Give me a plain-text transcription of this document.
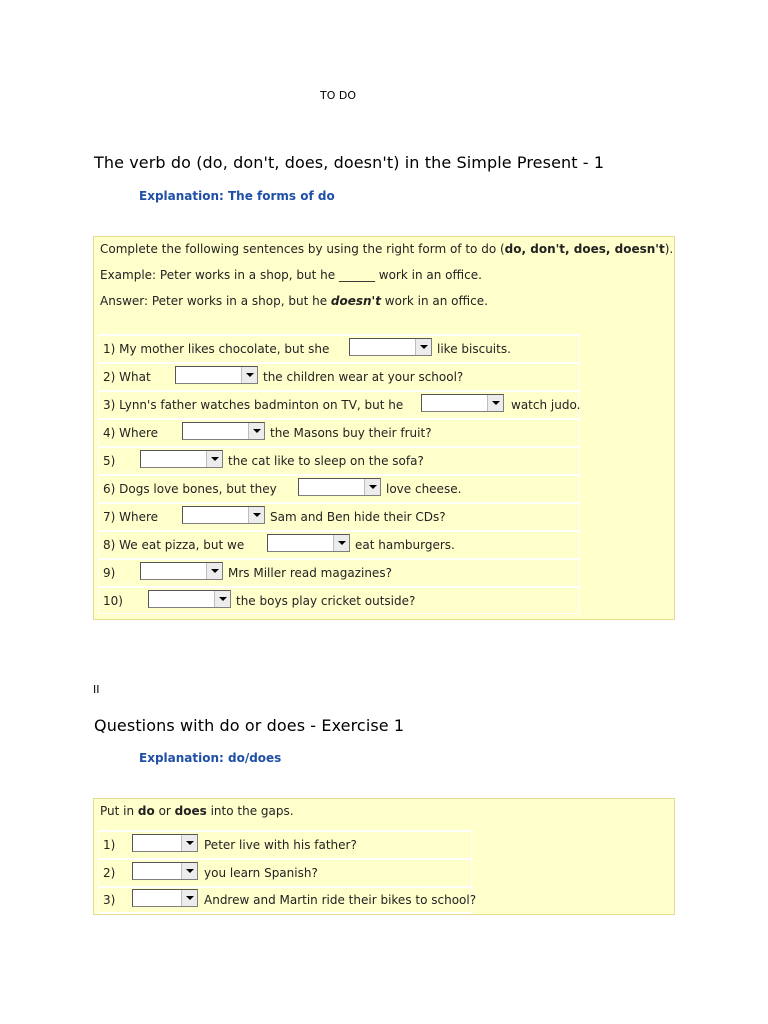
TO DO
The verb do (do, don't, does, doesn't) in the Simple Present - 1
Explanation: The forms of do

Complete the following sentences by using the right form of to do (do, don't, does, doesn't).

Example: Peter works in a shop, but he ______ work in an office.

Answer: Peter works in a shop, but he doesn't work in an office.

1) My mother likes chocolate, but she	like biscuits.
2) What	the children wear at your school?
3) Lynn's father watches badminton on TV, but he	watch judo.
4) Where	the Masons buy their fruit?
5)	the cat like to sleep on the sofa?
6) Dogs love bones, but they	love cheese.
7) Where	Sam and Ben hide their CDs?
8) We eat pizza, but we	eat hamburgers.
9)	Mrs Miller read magazines?
10)	the boys play cricket outside?
II
Questions with do or does - Exercise 1
Explanation: do/does

Put in do or does into the gaps.

1)	Peter live with his father?
2)	you learn Spanish?
3)	Andrew and Martin ride their bikes to school?
